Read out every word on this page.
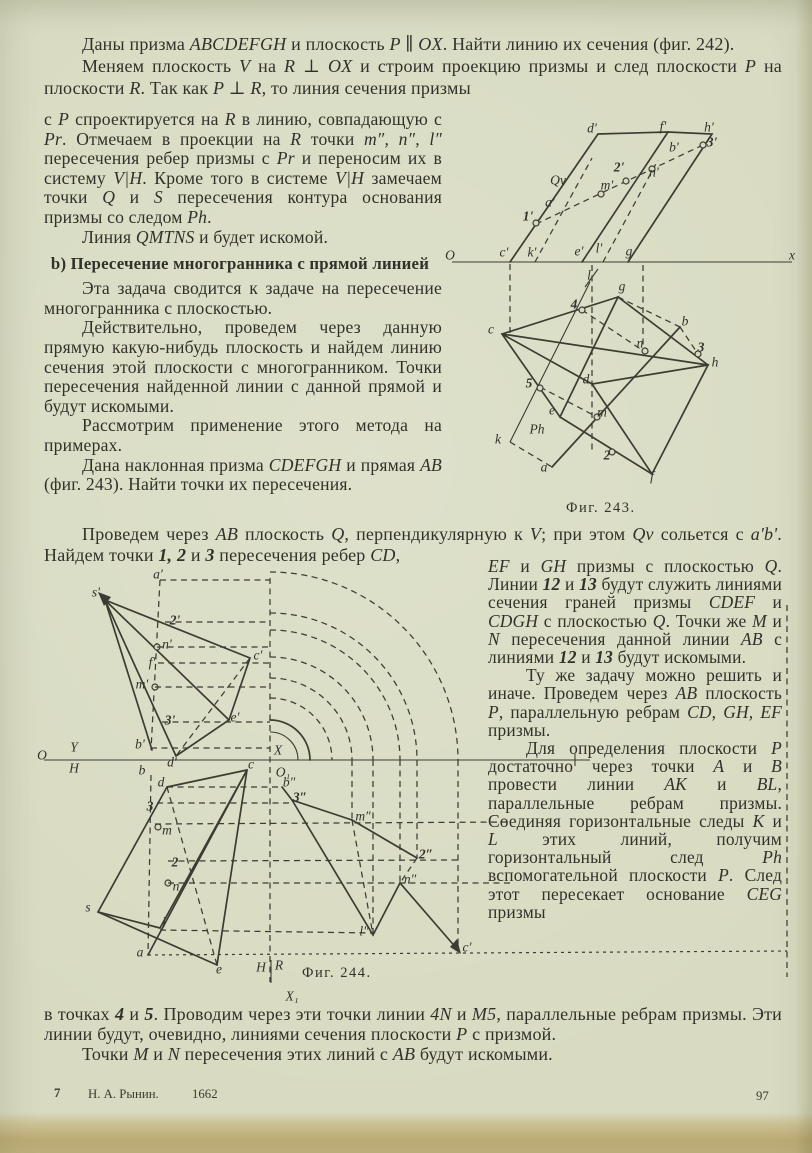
Даны призма ABCDEFGH и плоскость P ∥ OX. Найти линию их сечения (фиг. 242).

Меняем плоскость V на R ⊥ OX и строим проекцию призмы и след плоскости P на плоскости R. Так как P ⊥ R, то линия сечения призмы

с P спроектируется на R в линию, совпадающую с Pr. Отмечаем в проекции на R точки m″, n″, l″ пересечения ребер призмы с Pr и переносим их в систему V|H. Кроме того в системе V|H замечаем точки Q и S пересечения контура основания призмы со следом Ph.

Линия QMTNS и будет искомой.

b) Пересечение многогранника с прямой линией

Эта задача сводится к задаче на пересечение многогранника с плоскостью.

Действительно, проведем через данную прямую какую-нибудь плоскость и найдем линию сечения этой плоскости с многогранником. Точки пересечения найденной линии с данной прямой и будут искомыми.

Рассмотрим применение этого метода на примерах.

Дана наклонная призма CDEFGH и прямая AB (фиг. 243). Найти точки их пересечения.

Фиг. 243.
d'	f'	h'
b' 3'
2' n'
Qv	m'
a'
1'
O	c' k'	e' l' g	x
l
g
4
c
b
n	3
h
d
5
e	m
Ph
k
2
a
f

Проведем через AB плоскость Q, перпендикулярную к V; при этом Qv сольется с a'b'. Найдем точки 1, 2 и 3 пересечения ребер CD,

Фиг. 244.
a'
s'
2'
n'
f'	c'
m'
3'	e'
b'
d'
O
Y
H
X
O₁
b
b″
c
d
3″
3
m″
m
2″
2
n″
n
s
l
l″
a
e
c'
H R
X₁

EF и GH призмы с плоскостью Q. Линии 12 и 13 будут служить линиями сечения граней призмы CDEF и CDGH с плоскостью Q. Точки же M и N пересечения данной линии AB с линиями 12 и 13 будут искомыми.

Ту же задачу можно решить и иначе. Проведем через AB плоскость P, параллельную ребрам CD, GH, EF призмы.

Для определения плоскости P достаточно через точки A и B провести линии AK и BL, параллельные ребрам призмы. Соединяя горизонтальные следы K и L этих линий, получим горизонтальный след Ph вспомогательной плоскости P. След этот пересекает основание CEG призмы

в точках 4 и 5. Проводим через эти точки линии 4N и M5, параллельные ребрам призмы. Эти линии будут, очевидно, линиями сечения плоскости P с призмой.

Точки M и N пересечения этих линий с AB будут искомыми.

7 Н. А. Рынин.	1662	97
